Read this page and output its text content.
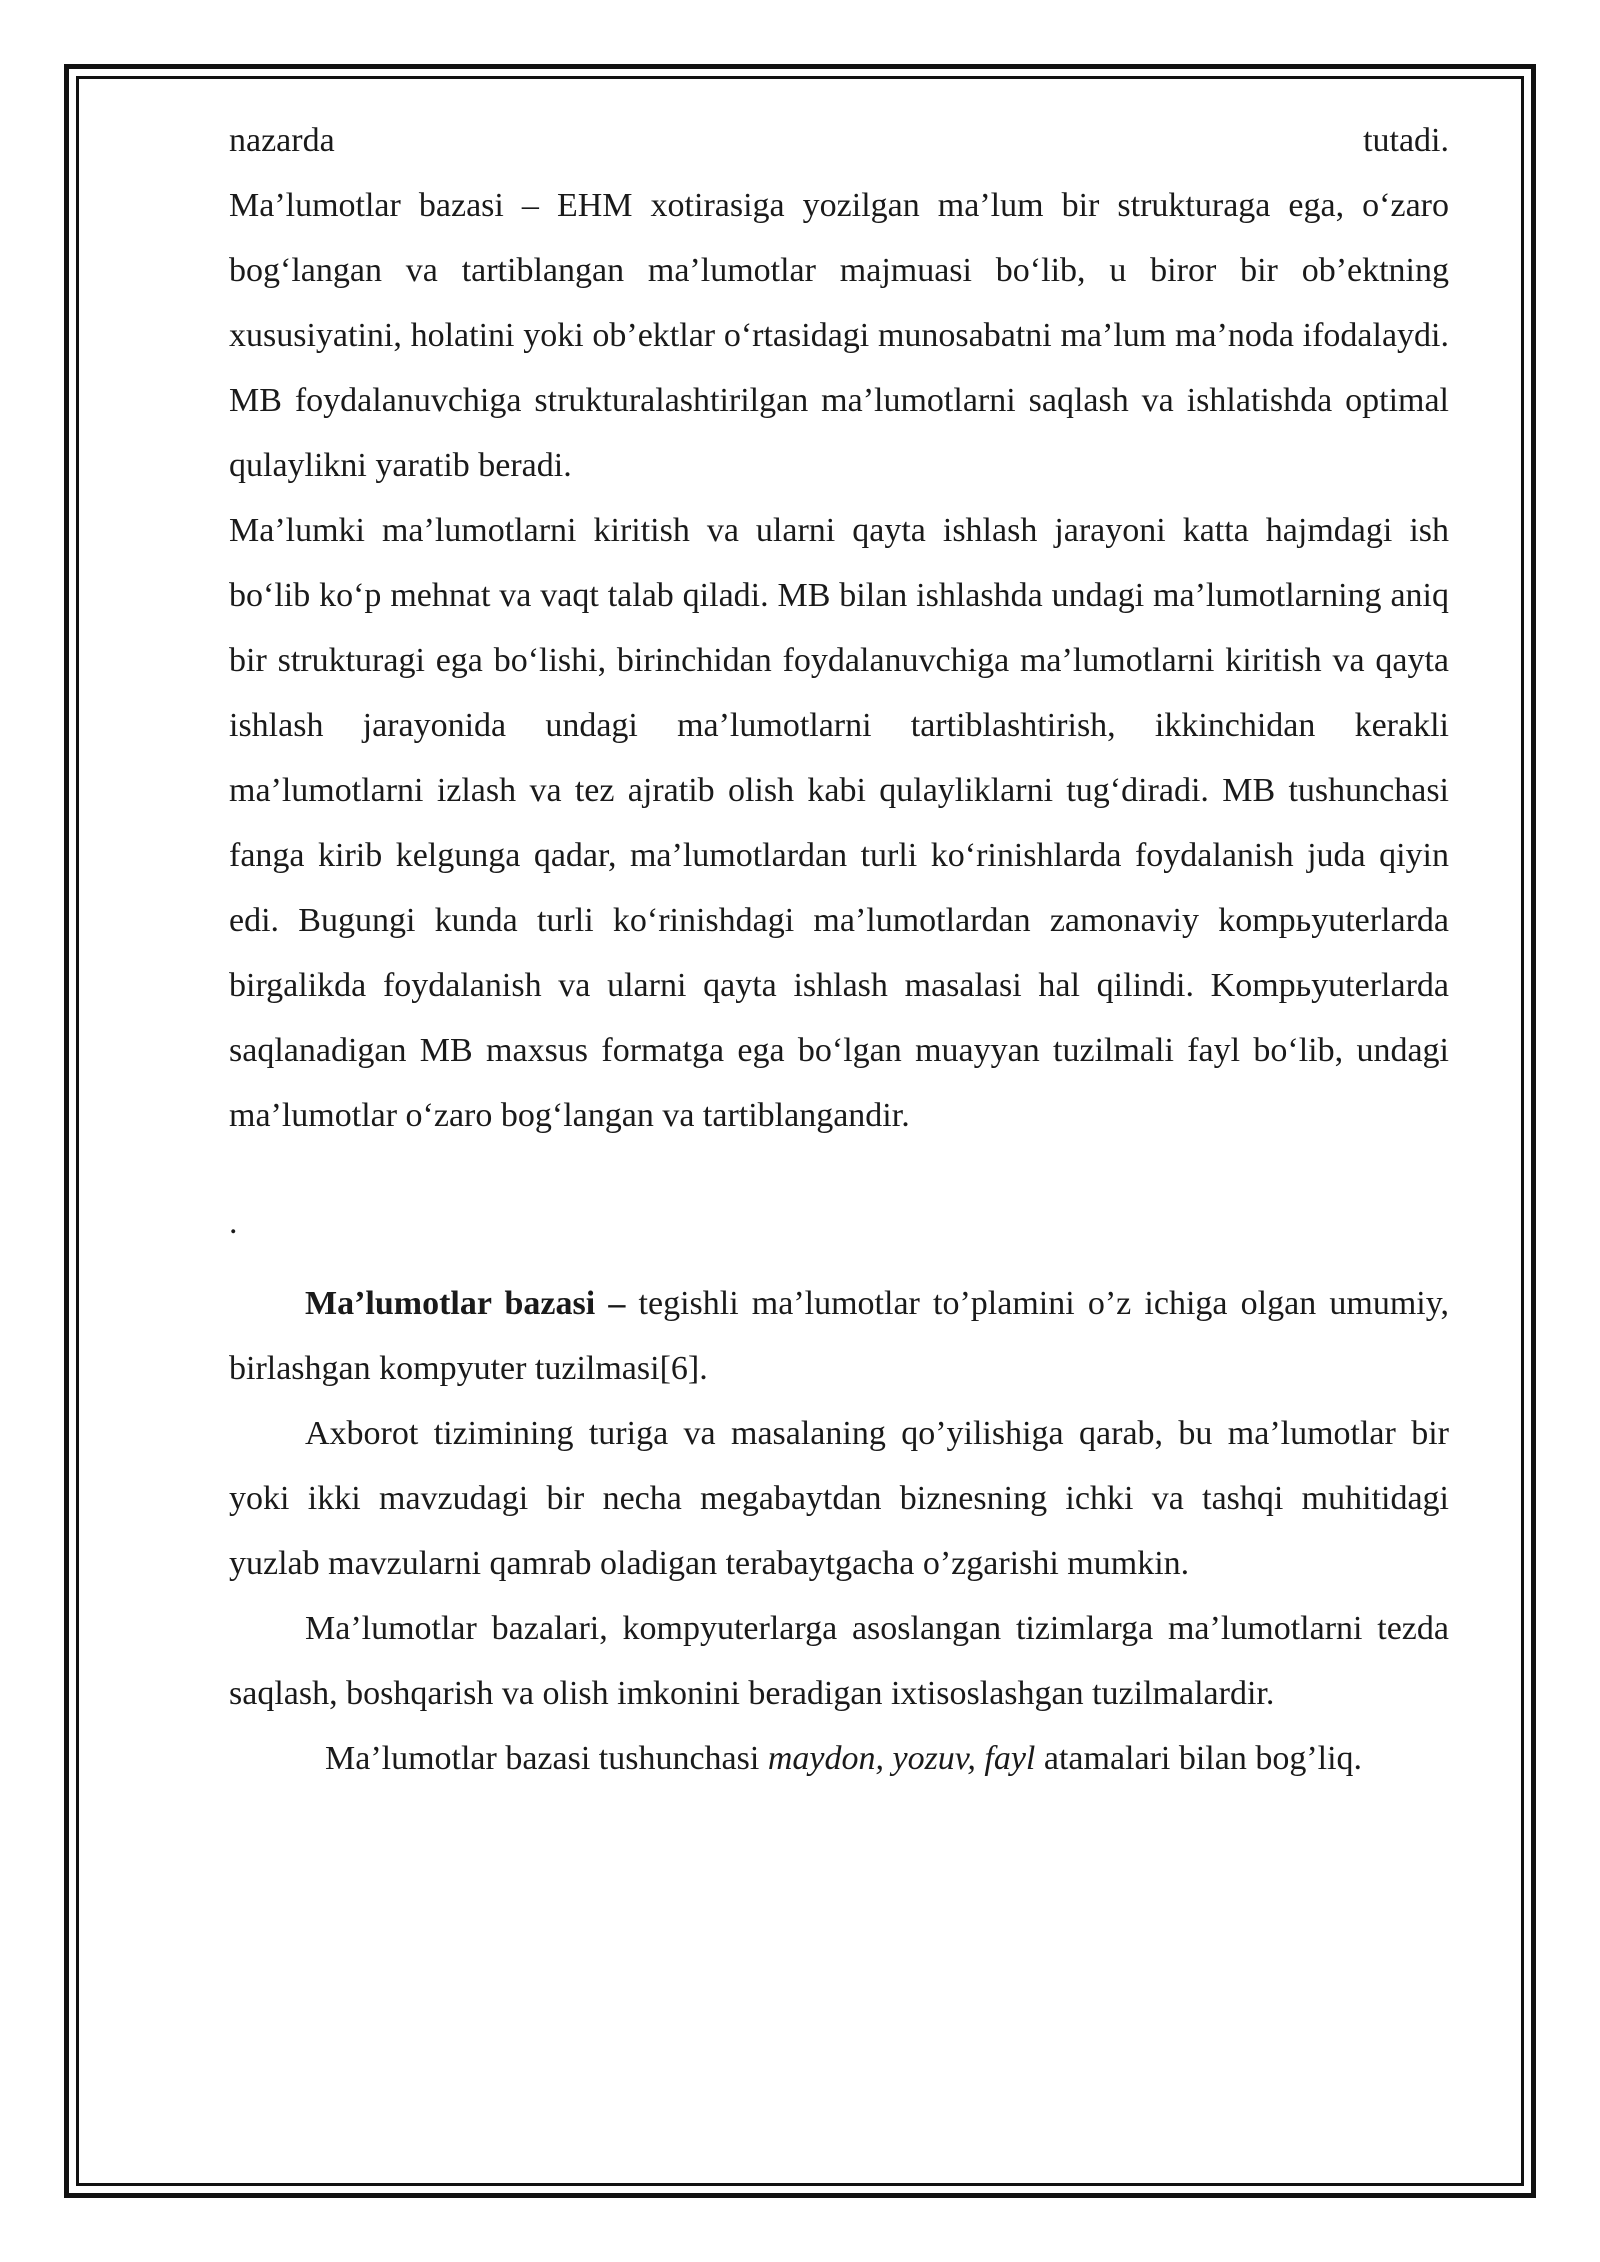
nazarda	tutadi.

Ma’lumotlar bazasi – EHM xotirasiga yozilgan ma’lum bir strukturaga ega, o‘zaro bog‘langan va tartiblangan ma’lumotlar majmuasi bo‘lib, u biror bir ob’ektning xususiyatini, holatini yoki ob’ektlar o‘rtasidagi munosabatni ma’lum ma’noda ifodalaydi. MB foydalanuvchiga strukturalashtirilgan ma’lumotlarni saqlash va ishlatishda optimal qulaylikni yaratib beradi.

Ma’lumki ma’lumotlarni kiritish va ularni qayta ishlash jarayoni katta hajmdagi ish bo‘lib ko‘p mehnat va vaqt talab qiladi. MB bilan ishlashda undagi ma’lumotlarning aniq bir strukturagi ega bo‘lishi, birinchidan foydalanuvchiga ma’lumotlarni kiritish va qayta ishlash jarayonida undagi ma’lumotlarni tartiblashtirish, ikkinchidan kerakli ma’lumotlarni izlash va tez ajratib olish kabi qulayliklarni tug‘diradi. MB tushunchasi fanga kirib kelgunga qadar, ma’lumotlardan turli ko‘rinishlarda foydalanish juda qiyin edi. Bugungi kunda turli ko‘rinishdagi ma’lumotlardan zamonaviy kompьyuterlarda birgalikda foydalanish va ularni qayta ishlash masalasi hal qilindi. Kompьyuterlarda saqlanadigan MB maxsus formatga ega bo‘lgan muayyan tuzilmali fayl bo‘lib, undagi ma’lumotlar o‘zaro bog‘langan va tartiblangandir.

.

Ma’lumotlar bazasi – tegishli ma’lumotlar to’plamini o’z ichiga olgan umumiy, birlashgan kompyuter tuzilmasi[6].

Axborot tizimining turiga va masalaning qo’yilishiga qarab, bu ma’lumotlar bir yoki ikki mavzudagi bir necha megabaytdan biznesning ichki va tashqi muhitidagi yuzlab mavzularni qamrab oladigan terabaytgacha o’zgarishi mumkin.

Ma’lumotlar bazalari, kompyuterlarga asoslangan tizimlarga ma’lumotlarni tezda saqlash, boshqarish va olish imkonini beradigan ixtisoslashgan tuzilmalardir.

Ma’lumotlar bazasi tushunchasi maydon, yozuv, fayl atamalari bilan bog’liq.
